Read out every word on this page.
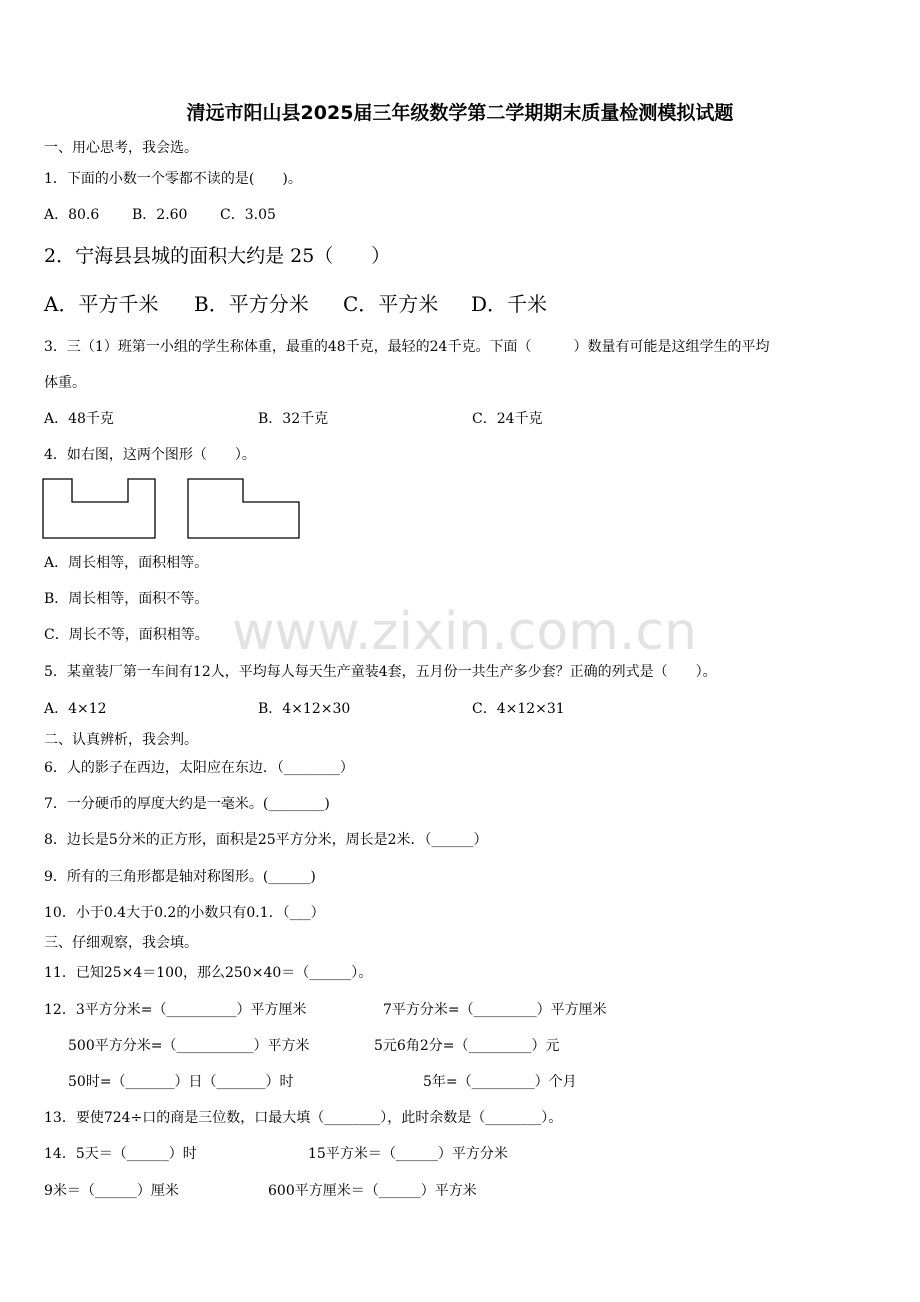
清远市阳山县2025届三年级数学第二学期期末质量检测模拟试题
一、用心思考，我会选。
1．下面的小数一个零都不读的是(　　)。
A．80.6 B．2.60 C．3.05
2．宁海县县城的面积大约是 25（　　）
A．平方千米 B．平方分米 C．平方米 D．千米
3．三（1）班第一小组的学生称体重，最重的48千克，最轻的24千克。下面（　　　）数量有可能是这组学生的平均
体重。
A．48千克	B．32千克	C．24千克
4．如右图，这两个图形（　　）。
A．周长相等，面积相等。
B．周长相等，面积不等。
C．周长不等，面积相等。
5．某童装厂第一车间有12人，平均每人每天生产童装4套，五月份一共生产多少套？正确的列式是（　　）。
A．4×12	B．4×12×30	C．4×12×31
二、认真辨析，我会判。
6．人的影子在西边，太阳应在东边．（________）
7．一分硬币的厚度大约是一毫米。(________)
8．边长是5分米的正方形，面积是25平方分米，周长是2米．（______）
9．所有的三角形都是轴对称图形。(______)
10．小于0.4大于0.2的小数只有0.1．（___）
三、仔细观察，我会填。
11．已知25×4＝100，那么250×40＝（______）。
12．3平方分米=（__________）平方厘米	7平方分米=（_________）平方厘米
500平方分米=（___________）平方米	5元6角2分=（_________）元
50时=（_______）日（_______）时	5年=（_________）个月
13．要使724÷口的商是三位数，口最大填（________），此时余数是（________）。
14．5天＝（______）时	15平方米＝（______）平方分米
9米＝（______）厘米	600平方厘米＝（______）平方米
www.zixin.com.cn
